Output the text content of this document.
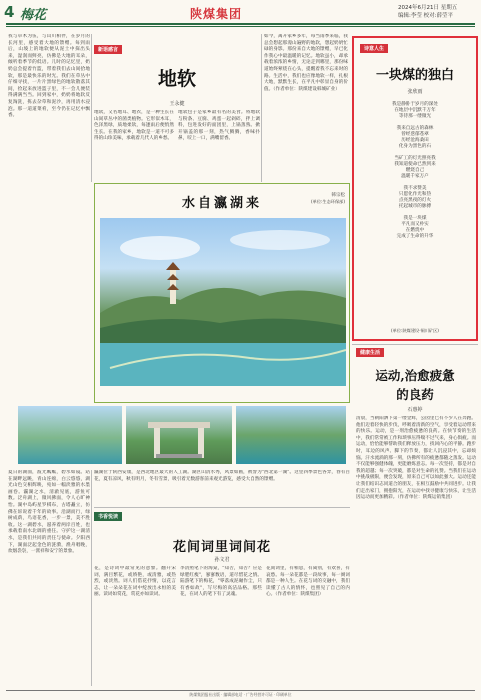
4 梅花	陕煤集团	2024年6月21日 星期五
编辑:李莹 校对:薛莹平
我与草木为伍，与山川相伴，在岁月的长河里，感受着大地的馈赠。每到雨后，山坡上的地软便从泥土中探出头来，湿润而鲜亮，仿佛是大地的耳朵，倾听着季节的低语。儿时的记忆里，奶奶总会提着竹篮，带着我们去山间拾地软，那是最快乐的时光。我们在草丛中仔细寻找，一片片黑绿色的地软散落其间，捡起来放进篮子里，不一会儿便装得满满当当。回到家中，奶奶将地软反复淘洗，拣去杂草和泥沙，再用清水浸泡。那一道道菜肴，至今仍在记忆中飘香。
新语感言
地软
王永健
地软，又名地耳、地衣，是一种生长在山间草丛中的菌类植物。它形似木耳，色泽黑绿，质地柔软，每逢雨后便悄然生长。在我的家乡，地软是一道不可多得的山珍美味，承载着几代人的乡愁。
地软包子是家乡最有名的美食。将地软与粉条、豆腐、鸡蛋一起剁碎，拌上调料，包进发好的面团里，上锅蒸熟。掀开锅盖的那一刻，热气腾腾，香味扑鼻，咬上一口，满嘴留香。
如今，离开家乡多年，每当雨季来临，我总会想起那漫山遍野的地软，想起奶奶忙碌的身影。那份来自大地的馈赠，早已化作我心中最温暖的记忆。地软虽小，却承载着浓浓的乡情，无论走到哪里，那份味道始终萦绕在心头，提醒着我不忘来时的路。生活中，我们也应像地软一样，扎根大地，默默生长，在平凡中彰显自身的价值。（作者单位：陕煤建设韩城矿业）
诗意人生
一块煤的独白
张欣雨
我是静卧于岁月的深处
在地层中沉默千万年
等待那一缕微光

我来自远古的森林
曾经葱郁苍翠
历经沧海桑田
化身为黑色的石

当矿工的灯光照亮我
我知道使命已然到来
燃烧自己
温暖千家万户

我不求赞美
只愿化作光和热
点亮黑夜的灯火
托起城市的脉搏

我是一块煤
平凡而又朴实
在燃烧中
完成了生命的升华
(单位:陕煤建设·铜川矿区)
水自瀛湖来
韩宗松
(单位:生态环保部)
健康生活
运动,治愈疲惫
的良药
石惠婷
清晨，当朝阳洒下第一缕金辉，公园里已有不少人在奔跑。他们迈着轻快的步伐，呼吸着清新的空气，享受着运动带来的快乐。运动，是一剂治愈疲惫的良药。在快节奏的生活中，我们常常被工作和琐事压得喘不过气来，身心俱疲。而运动，恰恰能够帮助我们释放压力，找回内心的平静。跑步时，耳边的风声、脚下的节奏，都让人沉浸其中，忘却烦恼。汗水流淌的那一刻，仿佛所有的疲惫都随之蒸发。运动不仅能够强健体魄，更能磨炼意志。每一次坚持，都是对自我的超越；每一次突破，都是对生命的礼赞。当我们在运动中挑战极限，便会发现，原来自己可以如此强大。运动还能让我们结识志同道合的朋友，在相互鼓励中共同进步。让我们走出家门，拥抱阳光，在运动中找寻健康与快乐，让生活因运动而更加精彩。（作者单位：陕煤运销集团）
夏日的湖面，波光粼粼，碧水如镜。站在湖畔远眺，青山连绵，白云悠悠，湖光山色交相辉映，宛如一幅淡雅的水墨画卷。瀛湖之水，清澈见底，游鱼可数。泛舟湖上，微风拂面，令人心旷神怡。湖中岛屿星罗棋布，古塔矗立，仿佛在诉说着千年的故事。沿湖而行，绿树成荫，鸟语花香，一步一景，美不胜收。这一湖碧水，滋养着两岸百姓，也承载着南水北调的重任。守护这一湖清水，是我们共同的责任与使命。夕阳西下，湖面泛起金色的涟漪，渔舟唱晚，炊烟袅袅，一派祥和安宁的景象。
瀛湖位于陕西安康，是西北地区最大的人工湖。湖区山清水秀，风景如画，被誉为"西北第一湖"。这里四季景色各异，春有百花，夏有凉风，秋有明月，冬有雪景，吸引着无数游客前来观光游览，感受大自然的馈赠。
书香悦读
花间词里词间花
孙文君
花，是诗词中最常见的意象。翻开宋词，满目繁花，或娇艳，或清雅，或热烈，或淡然。词人们借花抒情，以花言志，让一朵朵花在词中绽放出永恒的美丽。读词如赏花，赏花亦如读词。
李清照笔下的海棠，"知否，知否？应是绿肥红瘦"，寥寥数语，道尽惜花之情。陆游笔下的梅花，"零落成泥碾作尘，只有香如故"，写尽梅的高洁品格。那些花，在词人的笔下有了灵魂。
花间词里，有相思，有离别，有欢喜，有哀愁。每一朵花都是一段故事，每一阕词都是一种人生。在花与词的交融中，我们读懂了古人的情怀，也照见了自己的内心。（作者单位：陕煤集团）
陕煤集团报社出版 · 编辑部电话 · 广告经营许可证 · 印刷单位
